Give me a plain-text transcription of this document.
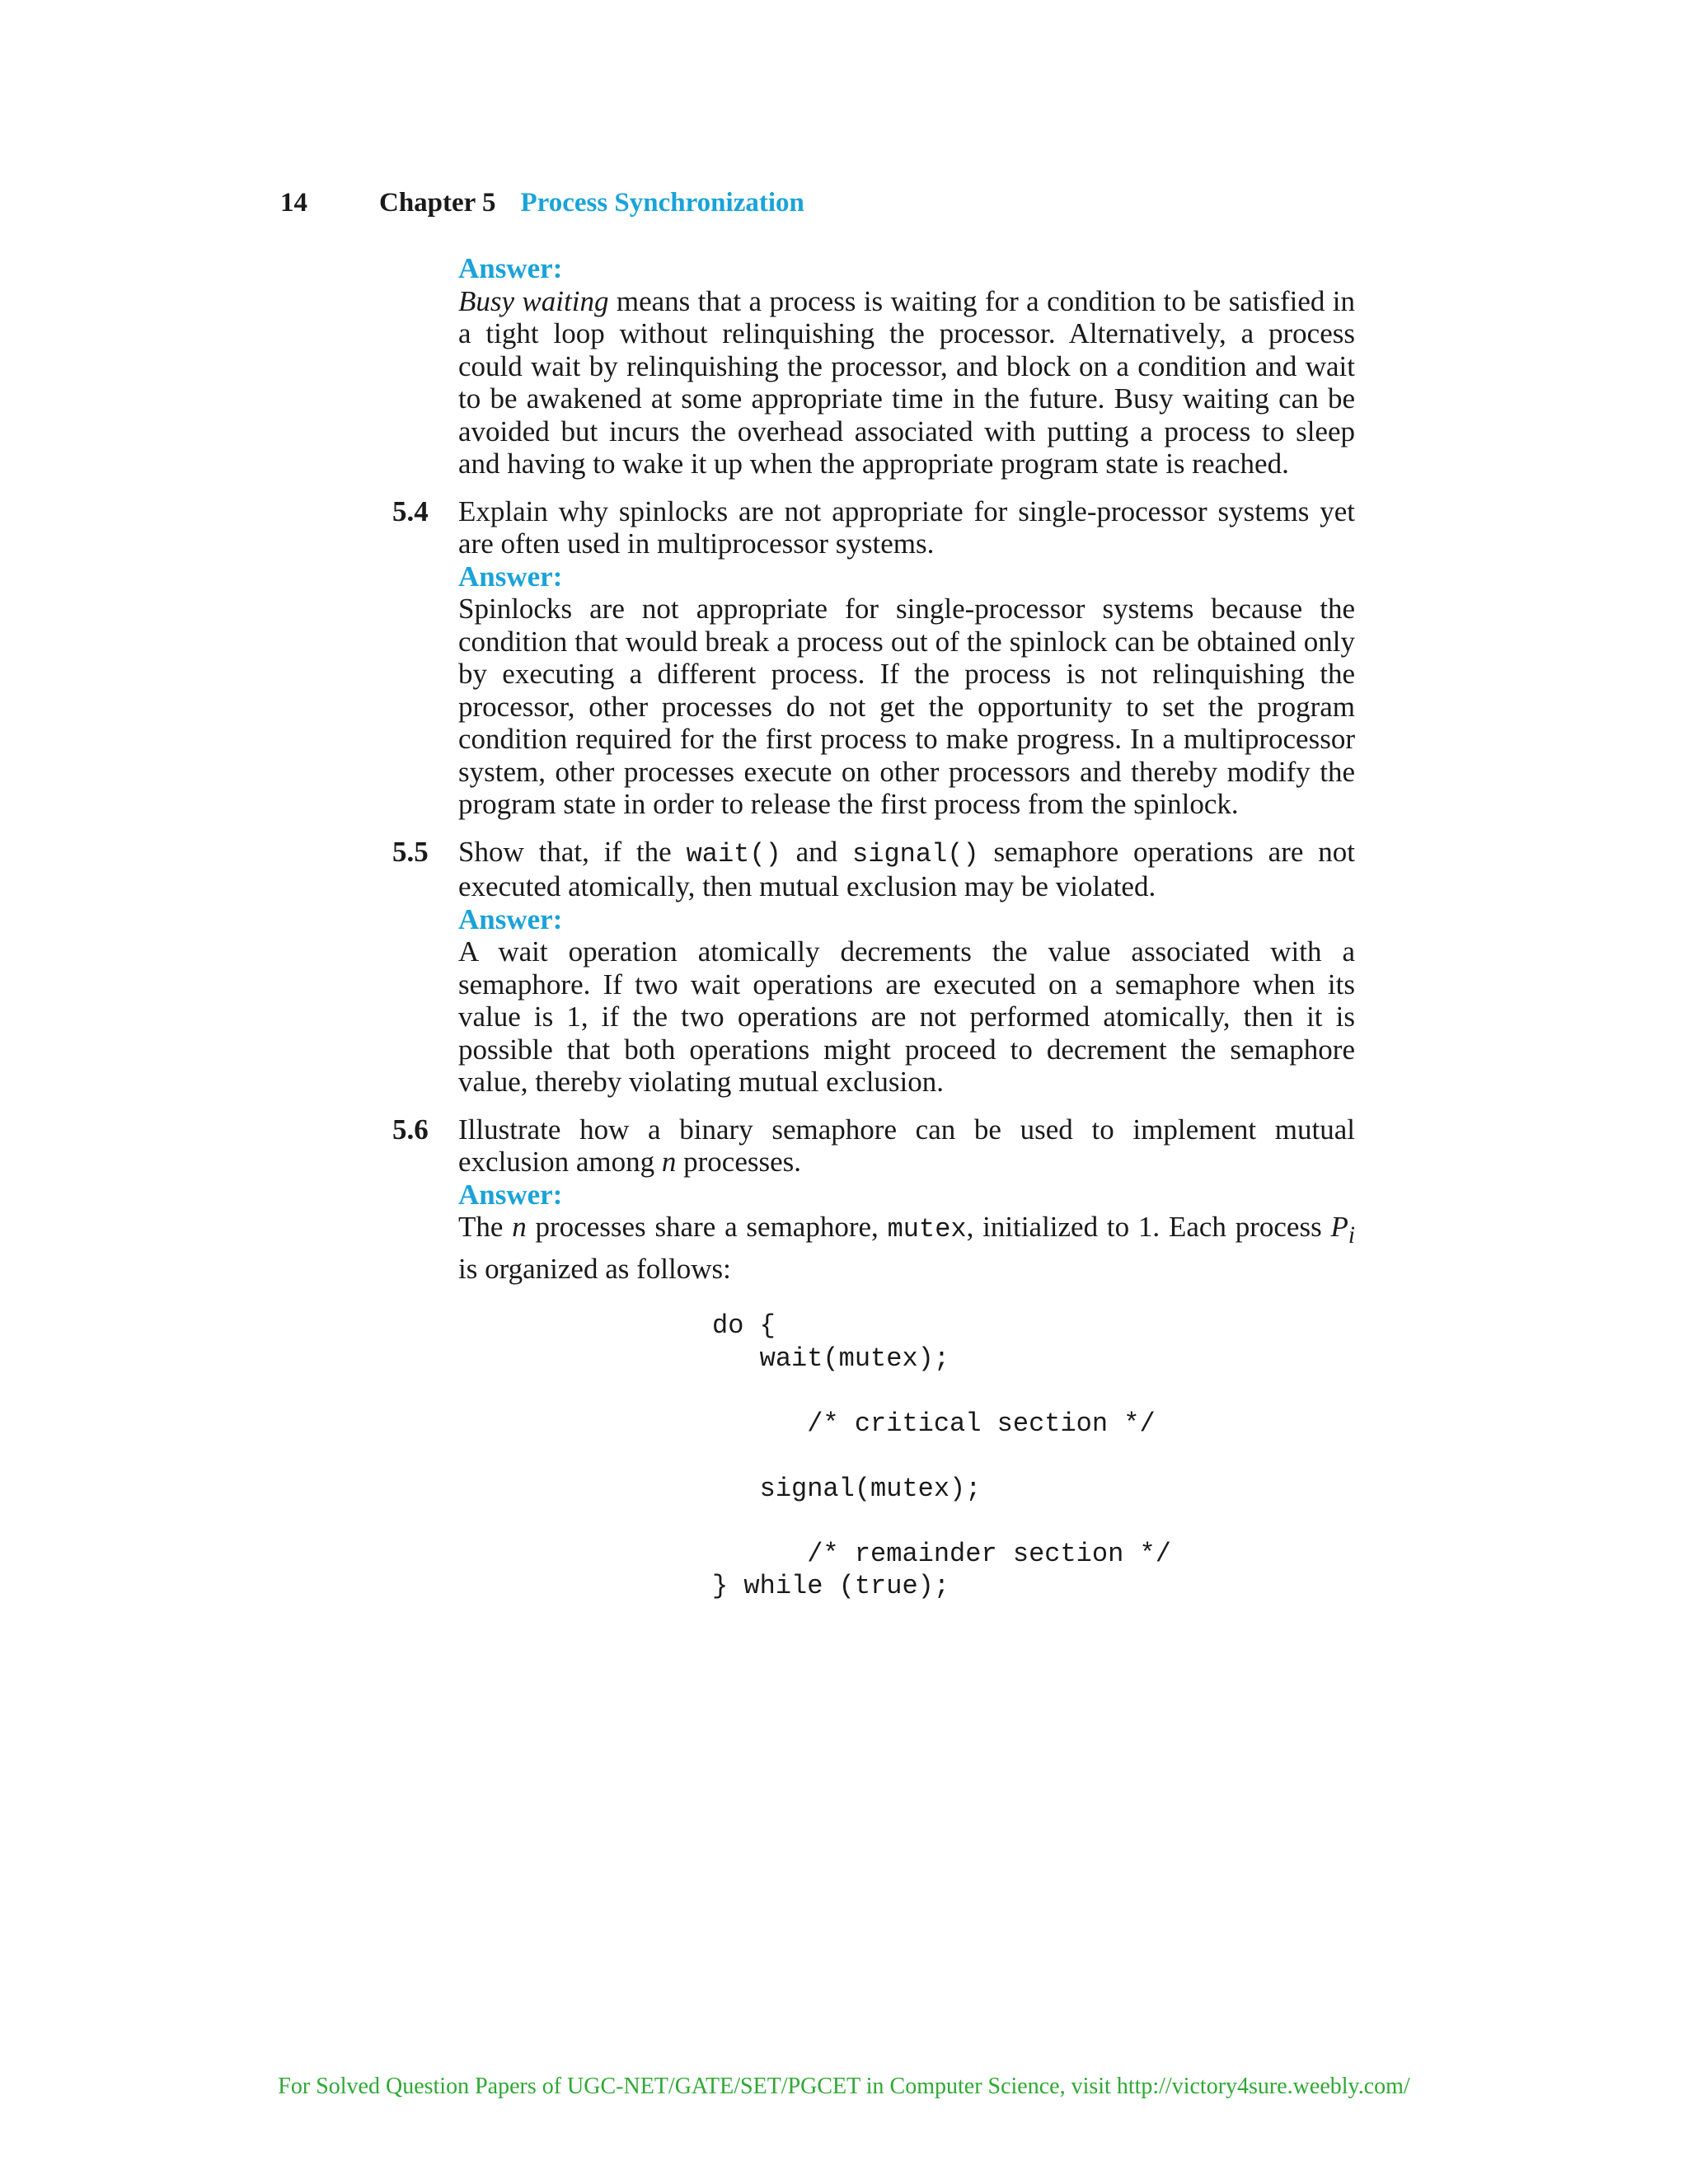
14	Chapter 5 Process Synchronization
Answer:

Busy waiting means that a process is waiting for a condition to be satisfied in a tight loop without relinquishing the processor. Alternatively, a process could wait by relinquishing the processor, and block on a condition and wait to be awakened at some appropriate time in the future. Busy waiting can be avoided but incurs the overhead associated with putting a process to sleep and having to wake it up when the appropriate program state is reached.

5.4 Explain why spinlocks are not appropriate for single-processor systems yet are often used in multiprocessor systems.

Answer:

Spinlocks are not appropriate for single-processor systems because the condition that would break a process out of the spinlock can be obtained only by executing a different process. If the process is not relinquishing the processor, other processes do not get the opportunity to set the program condition required for the first process to make progress. In a multiprocessor system, other processes execute on other processors and thereby modify the program state in order to release the first process from the spinlock.

5.5 Show that, if the wait() and signal() semaphore operations are not executed atomically, then mutual exclusion may be violated.

Answer:

A wait operation atomically decrements the value associated with a semaphore. If two wait operations are executed on a semaphore when its value is 1, if the two operations are not performed atomically, then it is possible that both operations might proceed to decrement the semaphore value, thereby violating mutual exclusion.

5.6 Illustrate how a binary semaphore can be used to implement mutual exclusion among n processes.

Answer:

The n processes share a semaphore, mutex, initialized to 1. Each process $P_i$ is organized as follows:

do {
wait(mutex);

/* critical section */

signal(mutex);

/* remainder section */
} while (true);
For Solved Question Papers of UGC-NET/GATE/SET/PGCET in Computer Science, visit http://victory4sure.weebly.com/
